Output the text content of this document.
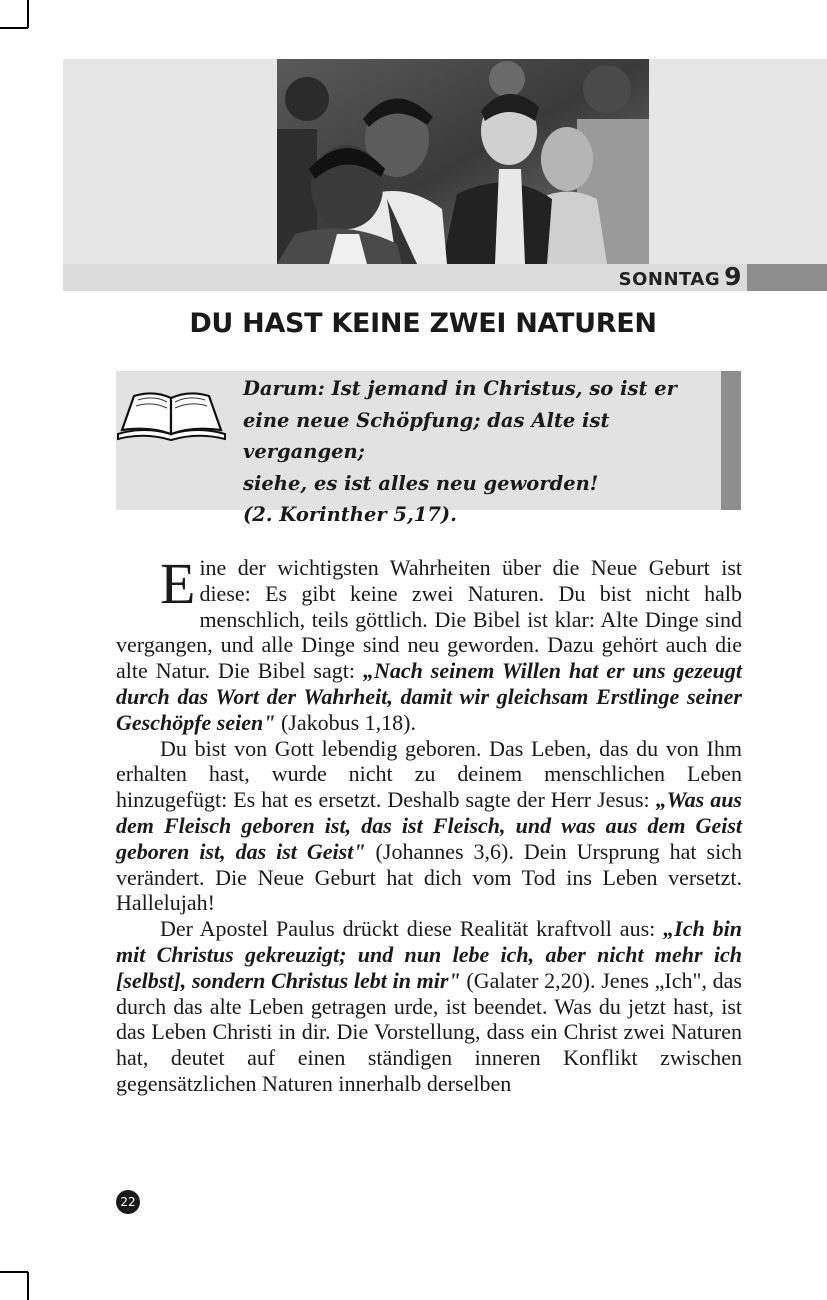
SONNTAG 9
DU HAST KEINE ZWEI NATUREN
Darum: Ist jemand in Christus, so ist er
eine neue Schöpfung; das Alte ist vergangen;
siehe, es ist alles neu geworden!
(2. Korinther 5,17).

Eine der wichtigsten Wahrheiten über die Neue Geburt ist diese: Es gibt keine zwei Naturen. Du bist nicht halb menschlich, teils göttlich. Die Bibel ist klar: Alte Dinge sind vergangen, und alle Dinge sind neu geworden. Dazu gehört auch die alte Natur. Die Bibel sagt: „Nach seinem Willen hat er uns gezeugt durch das Wort der Wahrheit, damit wir gleichsam Erstlinge seiner Geschöpfe seien" (Jakobus 1,18).

Du bist von Gott lebendig geboren. Das Leben, das du von Ihm erhalten hast, wurde nicht zu deinem menschlichen Leben hinzugefügt: Es hat es ersetzt. Deshalb sagte der Herr Jesus: „Was aus dem Fleisch geboren ist, das ist Fleisch, und was aus dem Geist geboren ist, das ist Geist" (Johannes 3,6). Dein Ursprung hat sich verändert. Die Neue Geburt hat dich vom Tod ins Leben versetzt. Hallelujah!

Der Apostel Paulus drückt diese Realität kraftvoll aus: „Ich bin mit Christus gekreuzigt; und nun lebe ich, aber nicht mehr ich [selbst], sondern Christus lebt in mir" (Galater 2,20). Jenes „Ich", das durch das alte Leben getragen urde, ist beendet. Was du jetzt hast, ist das Leben Christi in dir. Die Vorstellung, dass ein Christ zwei Naturen hat, deutet auf einen ständigen inneren Konflikt zwischen gegensätzlichen Naturen innerhalb derselben

22
